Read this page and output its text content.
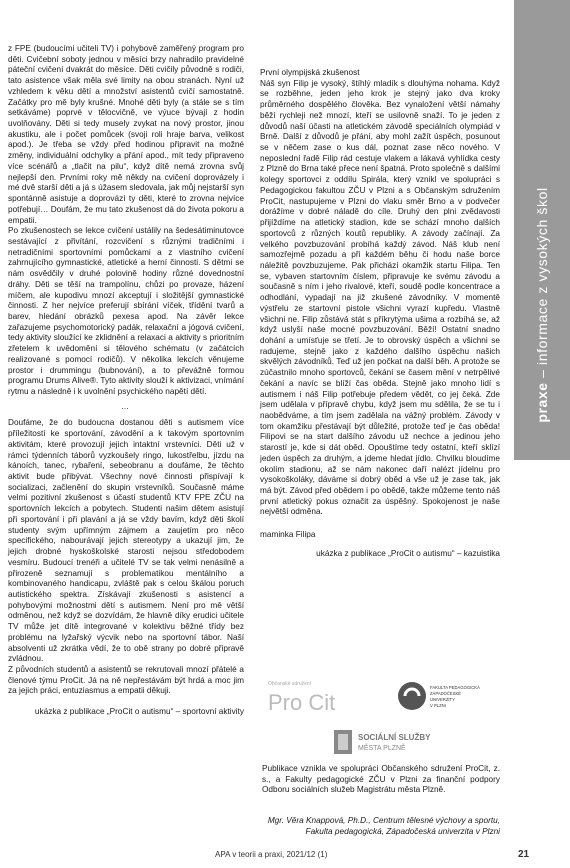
praxe – informace z vysokých škol

z FPE (budoucími učiteli TV) i pohybově zaměřený program pro děti. Cvičební soboty jednou v měsíci brzy nahradilo pravidelné páteční cvičení dvakrát do měsíce. Děti cvičily původně s rodiči, tato asistence však měla své limity na obou stranách. Nyní už vzhledem k věku dětí a množství asistentů cvičí samostatně. Začátky pro mě byly krušné. Mnohé děti byly (a stále se s tím setkáváme) poprvé v tělocvičně, ve výuce bývají z hodin uvolňovány. Děti si tedy musely zvykat na nový prostor, jinou akustiku, ale i počet pomůcek (svoji roli hraje barva, velikost apod.). Je třeba se vždy před hodinou připravit na možné změny, individuální odchylky a přání apod., mít tedy připraveno více scénářů a „tlačit na pilu“, když dítě nemá zrovna svůj nejlepší den. Prvními roky mě někdy na cvičení doprovázely i mé dvě starší děti a já s úžasem sledovala, jak můj nejstarší syn spontánně asistuje a doprovází ty děti, které to zrovna nejvíce potřebují… Doufám, že mu tato zkušenost dá do života pokoru a empatii.

Po zkušenostech se lekce cvičení ustálily na šedesátiminutovce sestávající z přivítání, rozcvičení s různými tradičními i netradičními sportovními pomůckami a z vlastního cvičení zahrnujícího gymnastické, atletické a herní činnosti. S dětmi se nám osvědčily v druhé polovině hodiny různé dovednostní dráhy. Děti se těší na trampolínu, chůzi po provaze, házení míčem, ale kupodivu mnozí akceptují i složitější gymnastické činnosti. Z her nejvíce preferují sbírání víček, třídění tvarů a barev, hledání obrázků pexesa apod. Na závěr lekce zařazujeme psychomotorický padák, relaxační a jógová cvičení, tedy aktivity sloužící ke zklidnění a relaxaci a aktivity s prioritním zřetelem k uvědomění si tělového schématu (v začátcích realizované s pomocí rodičů). V několika lekcích věnujeme prostor i drummingu (bubnování), a to převážně formou programu Drums Alive®. Tyto aktivity slouží k aktivizaci, vnímání rytmu a následně i k uvolnění psychického napětí dětí.

…

Doufáme, že do budoucna dostanou děti s autismem více příležitostí ke sportování, závodění a k takovým sportovním aktivitám, které provozují jejich intaktní vrstevníci. Děti už v rámci týdenních táborů vyzkoušely ringo, lukostřelbu, jízdu na kánoích, tanec, rybaření, sebeobranu a doufáme, že těchto aktivit bude přibývat. Všechny nové činnosti přispívají k socializaci, začlenění do skupin vrstevníků. Současně máme velmi pozitivní zkušenost s účastí studentů KTV FPE ZČU na sportovních lekcích a pobytech. Studenti našim dětem asistují při sportování i při plavání a já se vždy bavím, když děti školí studenty svým upřímným zájmem a zaujetím pro něco specifického, nabourávají jejich stereotypy a ukazují jim, že jejich drobné hyskoškolské starosti nejsou středobodem vesmíru. Budoucí trenéři a učitelé TV se tak velmi nenásilně a přirozeně seznamují s problematikou mentálního a kombinovaného handicapu, zvláště pak s celou škálou poruch autistického spektra. Získávají zkušenosti s asistencí a pohybovými možnostmi dětí s autismem. Není pro mě větší odměnou, než když se dozvídám, že hlavně díky erudici učitele TV může jet dítě integrované v kolektivu běžné třídy bez problému na lyžařský výcvik nebo na sportovní tábor. Naší absolventi už zkrátka vědí, že to obě strany po dobré připravě zvládnou.

Z původních studentů a asistentů se rekrutovali mnozí přátelé a členové týmu ProCit. Já na ně nepřestávám být hrdá a moc jim za jejich práci, entuziasmus a empatii děkuji.

ukázka z publikace „ProCit o autismu“ – sportovní aktivity

První olympijská zkušenost

Náš syn Filip je vysoký, štíhlý mladík s dlouhýma nohama. Když se rozběhne, jeden jeho krok je stejný jako dva kroky průměrného dospělého člověka. Bez vynaložení větší námahy běží rychleji než mnozí, kteří se usilovně snaží. To je jeden z důvodů naší účasti na atletickém závodě speciálních olympiád v Brně. Další z důvodů je přání, aby mohl zažít úspěch, posunout se v něčem zase o kus dál, poznat zase něco nového. V neposlední řadě Filip rád cestuje vlakem a lákavá vyhlídka cesty z Plzně do Brna také přece není špatná. Proto společně s dalšími kolegy sportovci z oddílu Spirála, který vznikl ve spolupráci s Pedagogickou fakultou ZČU v Plzni a s Občanským sdružením ProCit, nastupujeme v Plzni do vlaku směr Brno a v podvečer dorážíme v dobré náladě do cíle. Druhý den plni zvědavosti přijíždíme na atletický stadion, kde se schází mnoho dalších sportovců z různých koutů republiky. A závody začínají. Za velkého povzbuzování probíhá každý závod. Náš klub není samozřejmě pozadu a při každém běhu či hodu naše borce náležitě povzbuzujeme. Pak přichází okamžik startu Filipa. Ten se, vybaven startovním číslem, připravuje ke svému závodu a současně s ním i jeho rivalové, kteří, soudě podle koncentrace a odhodlání, vypadají na již zkušené závodníky. V momentě výstřelu ze startovní pistole všichni vyrazí kupředu. Vlastně všichni ne. Filip zůstává stát s příkrytýma ušima a rozbíhá se, až když uslyší naše mocné povzbuzování. Běží! Ostatní snadno dohání a umísťuje se třetí. Je to obrovský úspěch a všichni se radujeme, stejně jako z každého dalšího úspěchu našich skvělých závodníků. Teď už jen počkat na další běh. A protože se zúčastnilo mnoho sportovců, čekání se časem mění v netrpělivé čekání a navíc se blíží čas oběda. Stejně jako mnoho lidí s autismem i náš Filip potřebuje předem vědět, co jej čeká. Zde jsem udělala v přípravě chybu, když jsem mu sdělila, že se tu i naobědváme, a tím jsem zadělala na vážný problém. Závody v tom okamžiku přestávají být důležité, protože teď je čas oběda! Filipovi se na start dalšího závodu už nechce a jedinou jeho starostí je, kde si dát oběd. Opouštíme tedy ostatní, kteří sklízí jeden úspěch za druhým, a jdeme hledat jídlo. Chvilku bloudíme okolím stadionu, až se nám nakonec daří nalézt jídelnu pro vysokoškoláky, dáváme si dobrý oběd a vše už je zase tak, jak má být. Závod před obědem i po obědě, takže můžeme tento náš první atletický pokus označit za úspěšný. Spokojenost je naše největší odměna.

maminka Filipa

ukázka z publikace „ProCit o autismu“ – kazuistika

Občanské sdružení
Pro Cit
FAKULTA PEDAGOGICKÁ
ZÁPADOČESKÉ
UNIVERZITY
V PLZNI
SOCIÁLNÍ SLUŽBY
MĚSTA PLZNĚ
Publikace vznikla ve spolupráci Občanského sdružení ProCit, z. s., a Fakulty pedagogické ZČU v Plzni za finanční podpory Odboru sociálních služeb Magistrátu města Plzně.
Mgr. Věra Knappová, Ph.D., Centrum tělesné výchovy a sportu, Fakulta pedagogická, Západočeská univerzita v Plzni
APA v teorii a praxi, 2021/12 (1)	21
